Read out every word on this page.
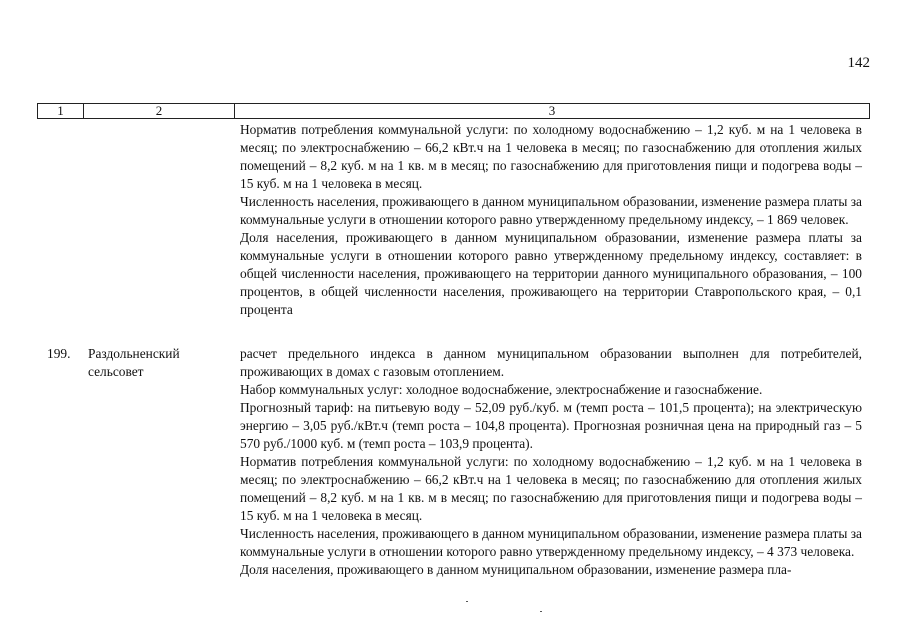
142
1	2	3

Норматив потребления коммунальной услуги: по холодному водоснабжению – 1,2 куб. м на 1 человека в месяц; по электроснабжению – 66,2 кВт.ч на 1 человека в месяц; по газоснабжению для отопления жилых помещений – 8,2 куб. м на 1 кв. м в месяц; по газоснабжению для приготовления пищи и подогрева воды – 15 куб. м на 1 человека в месяц.

Численность населения, проживающего в данном муниципальном образовании, изменение размера платы за коммунальные услуги в отношении которого равно утвержденному предельному индексу, – 1 869 человек.

Доля населения, проживающего в данном муниципальном образовании, изменение размера платы за коммунальные услуги в отношении которого равно утвержденному предельному индексу, составляет: в общей численности населения, проживающего на территории данного муниципального образования, – 100 процентов, в общей численности населения, проживающего на территории Ставропольского края, – 0,1 процента

199. Раздольненский сельсовет

расчет предельного индекса в данном муниципальном образовании выполнен для потребителей, проживающих в домах с газовым отоплением.

Набор коммунальных услуг: холодное водоснабжение, электроснабжение и газоснабжение.

Прогнозный тариф: на питьевую воду – 52,09 руб./куб. м (темп роста – 101,5 процента); на электрическую энергию – 3,05 руб./кВт.ч (темп роста – 104,8 процента). Прогнозная розничная цена на природный газ – 5 570 руб./1000 куб. м (темп роста – 103,9 процента).

Норматив потребления коммунальной услуги: по холодному водоснабжению – 1,2 куб. м на 1 человека в месяц; по электроснабжению – 66,2 кВт.ч на 1 человека в месяц; по газоснабжению для отопления жилых помещений – 8,2 куб. м на 1 кв. м в месяц; по газоснабжению для приготовления пищи и подогрева воды – 15 куб. м на 1 человека в месяц.

Численность населения, проживающего в данном муниципальном образовании, изменение размера платы за коммунальные услуги в отношении которого равно утвержденному предельному индексу, – 4 373 человека.

Доля населения, проживающего в данном муниципальном образовании, изменение размера пла-
